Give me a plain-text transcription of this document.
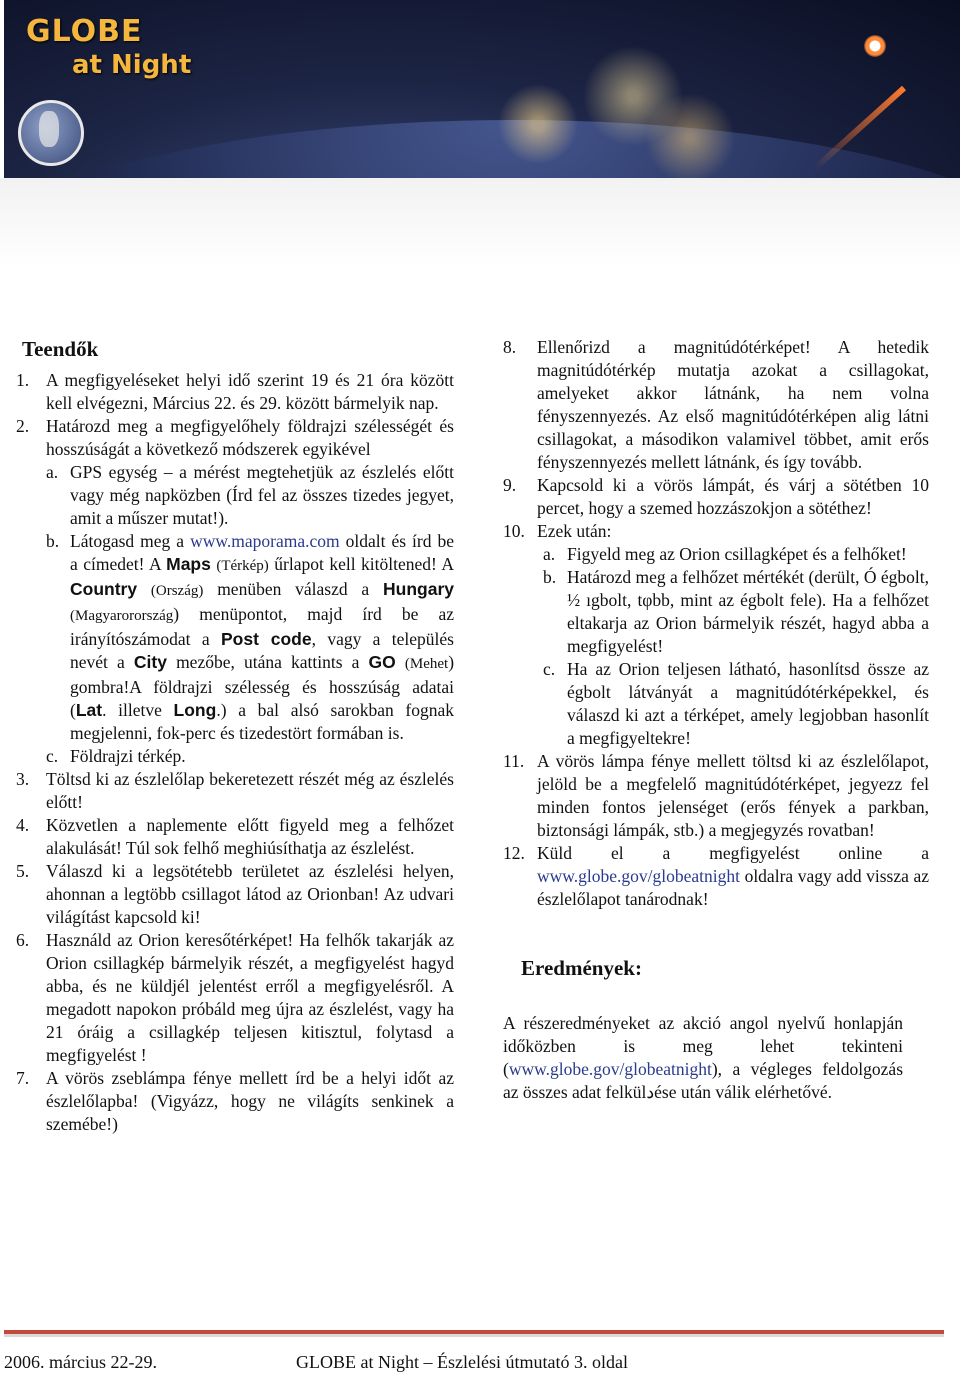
GLOBE
at Night
Teendők
1. A megfigyeléseket helyi idő szerint 19 és 21 óra között kell elvégezni, Március 22. és 29. között bármelyik nap.
2. Határozd meg a megfigyelőhely földrajzi szélességét és hosszúságát a következő módszerek egyikével
a. GPS egység – a mérést megtehetjük az észlelés előtt vagy még napközben (Írd fel az összes tizedes jegyet, amit a műszer mutat!).
b. Látogasd meg a www.maporama.com oldalt és írd be a címedet! A Maps (Térkép) űrlapot kell kitöltened! A Country (Ország) menüben válaszd a Hungary (Magyarorország) menüpontot, majd írd be az irányítószámodat a Post code, vagy a település nevét a City mezőbe, utána kattints a GO (Mehet) gombra!A földrajzi szélesség és hosszúság adatai (Lat. illetve Long.) a bal alsó sarokban fognak megjelenni, fok-perc és tizedestört formában is.
c. Földrajzi térkép.
3. Töltsd ki az észlelőlap bekeretezett részét még az észlelés előtt!
4. Közvetlen a naplemente előtt figyeld meg a felhőzet alakulását! Túl sok felhő meghiúsíthatja az észlelést.
5. Válaszd ki a legsötétebb területet az észlelési helyen, ahonnan a legtöbb csillagot látod az Orionban! Az udvari világítást kapcsold ki!
6. Használd az Orion keresőtérképet! Ha felhők takarják az Orion csillagkép bármelyik részét, a megfigyelést hagyd abba, és ne küldjél jelentést erről a megfigyelésről. A megadott napokon próbáld meg újra az észlelést, vagy ha 21 óráig a csillagkép teljesen kitisztul, folytasd a megfigyelést !
7. A vörös zseblámpa fénye mellett írd be a helyi időt az észlelőlapba! (Vigyázz, hogy ne világíts senkinek a szemébe!)
8. Ellenőrizd a magnitúdótérképet! A hetedik magnitúdótérkép mutatja azokat a csillagokat, amelyeket akkor látnánk, ha nem volna fényszennyezés. Az első magnitúdótérképen alig látni csillagokat, a másodikon valamivel többet, amit erős fényszennyezés mellett látnánk, és így tovább.
9. Kapcsold ki a vörös lámpát, és várj a sötétben 10 percet, hogy a szemed hozzászokjon a sötéthez!
10. Ezek után:
a. Figyeld meg az Orion csillagképet és a felhőket!
b. Határozd meg a felhőzet mértékét (derült, Ó égbolt, ½ ıgbolt, tφbb, mint az égbolt fele). Ha a felhőzet eltakarja az Orion bármelyik részét, hagyd abba a megfigyelést!
c. Ha az Orion teljesen látható, hasonlítsd össze az égbolt látványát a magnitúdótérképekkel, és válaszd ki azt a térképet, amely legjobban hasonlít a megfigyeltekre!
11. A vörös lámpa fénye mellett töltsd ki az észlelőlapot, jelöld be a megfelelő magnitúdótérképet, jegyezz fel minden fontos jelenséget (erős fények a parkban, biztonsági lámpák, stb.) a megjegyzés rovatban!
12. Küld el a megfigyelést online a www.globe.gov/globeatnight oldalra vagy add vissza az észlelőlapot tanárodnak!
Eredmények:
A részeredményeket az akció angol nyelvű honlapján időközben is meg lehet tekinteni (www.globe.gov/globeatnight), a végleges feldolgozás az összes adat felkülدése után válik elérhetővé.
2006. március 22-29.	GLOBE at Night – Észlelési útmutató 3. oldal
